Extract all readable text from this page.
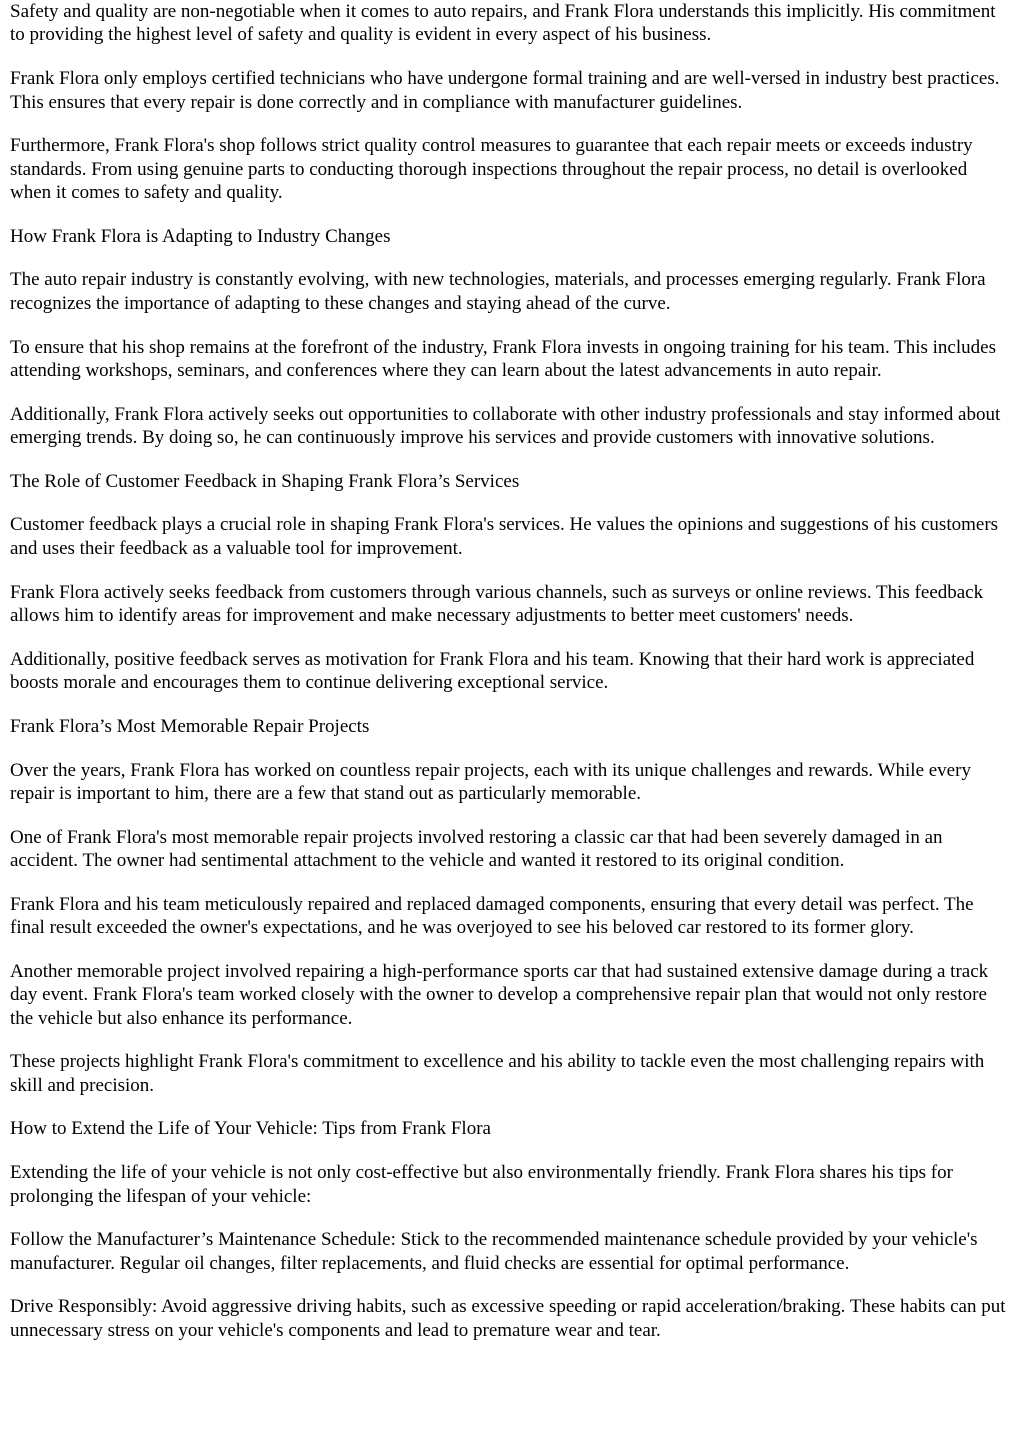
Safety and quality are non-negotiable when it comes to auto repairs, and Frank Flora understands this implicitly. His commitment to providing the highest level of safety and quality is evident in every aspect of his business.

Frank Flora only employs certified technicians who have undergone formal training and are well-versed in industry best practices. This ensures that every repair is done correctly and in compliance with manufacturer guidelines.

Furthermore, Frank Flora's shop follows strict quality control measures to guarantee that each repair meets or exceeds industry standards. From using genuine parts to conducting thorough inspections throughout the repair process, no detail is overlooked when it comes to safety and quality.

How Frank Flora is Adapting to Industry Changes

The auto repair industry is constantly evolving, with new technologies, materials, and processes emerging regularly. Frank Flora recognizes the importance of adapting to these changes and staying ahead of the curve.

To ensure that his shop remains at the forefront of the industry, Frank Flora invests in ongoing training for his team. This includes attending workshops, seminars, and conferences where they can learn about the latest advancements in auto repair.

Additionally, Frank Flora actively seeks out opportunities to collaborate with other industry professionals and stay informed about emerging trends. By doing so, he can continuously improve his services and provide customers with innovative solutions.

The Role of Customer Feedback in Shaping Frank Flora’s Services

Customer feedback plays a crucial role in shaping Frank Flora's services. He values the opinions and suggestions of his customers and uses their feedback as a valuable tool for improvement.

Frank Flora actively seeks feedback from customers through various channels, such as surveys or online reviews. This feedback allows him to identify areas for improvement and make necessary adjustments to better meet customers' needs.

Additionally, positive feedback serves as motivation for Frank Flora and his team. Knowing that their hard work is appreciated boosts morale and encourages them to continue delivering exceptional service.

Frank Flora’s Most Memorable Repair Projects

Over the years, Frank Flora has worked on countless repair projects, each with its unique challenges and rewards. While every repair is important to him, there are a few that stand out as particularly memorable.

One of Frank Flora's most memorable repair projects involved restoring a classic car that had been severely damaged in an accident. The owner had sentimental attachment to the vehicle and wanted it restored to its original condition.

Frank Flora and his team meticulously repaired and replaced damaged components, ensuring that every detail was perfect. The final result exceeded the owner's expectations, and he was overjoyed to see his beloved car restored to its former glory.

Another memorable project involved repairing a high-performance sports car that had sustained extensive damage during a track day event. Frank Flora's team worked closely with the owner to develop a comprehensive repair plan that would not only restore the vehicle but also enhance its performance.

These projects highlight Frank Flora's commitment to excellence and his ability to tackle even the most challenging repairs with skill and precision.

How to Extend the Life of Your Vehicle: Tips from Frank Flora

Extending the life of your vehicle is not only cost-effective but also environmentally friendly. Frank Flora shares his tips for prolonging the lifespan of your vehicle:

Follow the Manufacturer’s Maintenance Schedule: Stick to the recommended maintenance schedule provided by your vehicle's manufacturer. Regular oil changes, filter replacements, and fluid checks are essential for optimal performance.

Drive Responsibly: Avoid aggressive driving habits, such as excessive speeding or rapid acceleration/braking. These habits can put unnecessary stress on your vehicle's components and lead to premature wear and tear.
